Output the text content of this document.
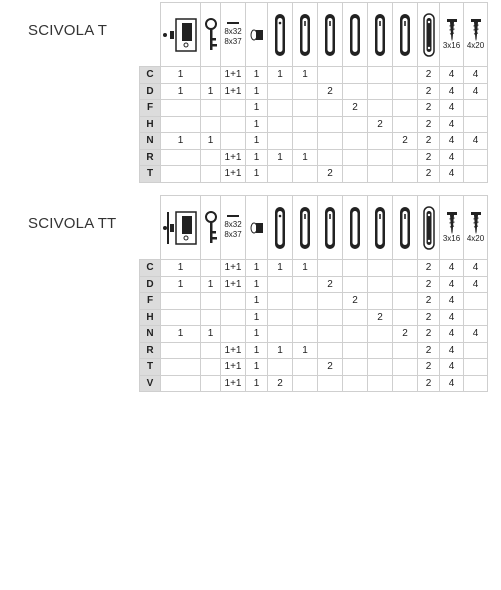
SCIVOLA T

		8x32
8x37									3x16	4x20

C	1		1+1	1	1	1					2	4	4
D	1	1	1+1	1			2				2	4	4
F				1				2			2	4	
H				1					2		2	4	
N	1	1		1						2	2	4	4
R			1+1	1	1	1					2	4	
T			1+1	1			2				2	4	
SCIVOLA TT

		8x32
8x37									3x16	4x20

C	1		1+1	1	1	1					2	4	4
D	1	1	1+1	1			2				2	4	4
F				1				2			2	4	
H				1					2		2	4	
N	1	1		1						2	2	4	4
R			1+1	1	1	1					2	4	
T			1+1	1			2				2	4	
V			1+1	1	2						2	4	
